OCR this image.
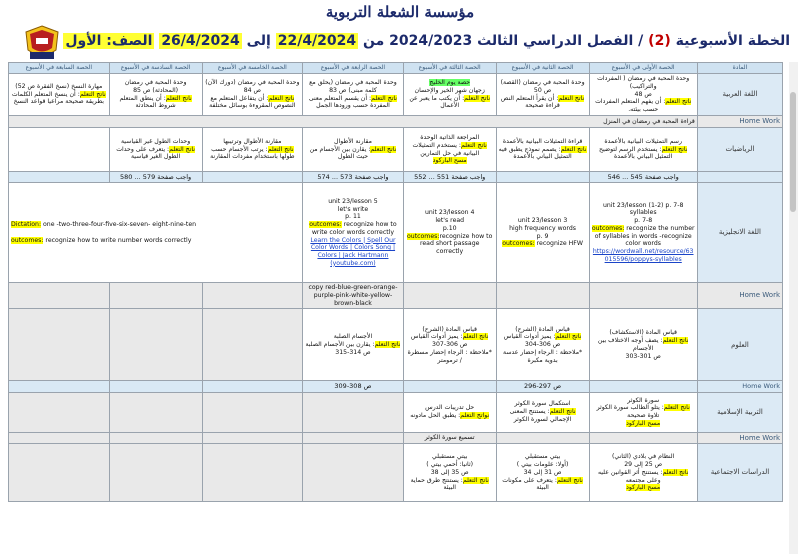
مؤسسة الشعلة التربوية
الخطة الأسبوعية (2) / الفصل الدراسي الثالث 2024/2023 من 22/4/2024 إلى 26/4/2024 الصف: الأول
المادة	الحصة الأولى في الأسبوع	الحصة الثانية في الأسبوع	الحصة الثالثة في الأسبوع	الحصة الرابعة في الأسبوع	الحصة الخامسة في الأسبوع	الحصة السادسة في الأسبوع	الحصة السابعة في الأسبوع
اللغة العربية	وحدة المحبة في رمضان ( المفردات والتراكيب)
ص 48
ناتج التعلم: أن يفهم المتعلم المفردات حسب بيئته.	وحدة المحبة في رمضان (القصة) ص 50
ناتج التعلم: أن يقرأ المتعلم النص قراءة صحيحة	حصة يوم الخليج
زجهان شهر الخير والإحسان
ناتج التعلم: أن يكتب ما يعبر عن الأعمال	وحدة المحبة في رمضان (يحلق مع كلمة مبنى) ص 83
ناتج التعلم: أن يقسم المتعلم معنى المفردة حسب ورودها الجمل	وحدة المحبة في رمضان (دورك الآن) ص 84
ناتج التعلم: أن يتفاعل المتعلم مع النصوص المقروءة بوسائل مختلفة	وحدة المحبة في رمضان (المحادثة) ص 85
ناتج التعلم: أن ينطق المتعلم شروط المحادثة	مهارة النسخ (نسخ الفقرة ص 52)
ناتج التعلم: أن ينسخ المتعلم الكلمات بطريقة صحيحة مراعيا قواعد النسخ
Home Work	قراءة المحبة في رمضان في المنزل						
الرياضيات	رسم التمثيلات البيانية بالأعمدة
ناتج التعلم: يستخدم الرسم لتوضيح التمثيل البياني بالأعمدة	قراءة التمثيلات البيانية بالأعمدة
ناتج التعلم: يصمم نموذج يطبق فيه التمثيل البياني بالأعمدة	المراجعة الذاتية الوحدة
ناتج التعلم: يستخدم التمثيلات البيانية في حل التمارين
مسح الباركود	مقارنة الأطوال
ناتج التعلم: يقارن بين الأجسام من حيث الطول	مقارنة الأطوال وترتيبها
ناتج التعلم: يرتب الأجسام حسب طولها باستخدام مفردات المقارنة	وحدات الطول غير القياسية
ناتج التعلم: يتعرف على وحدات الطول الغير قياسية	
	واجب صفحة 545 ... 546		واجب صفحة 551 ... 552	واجب صفحة 573 ... 574		واجب صفحة 579 ... 580	
اللغة الانجليزية	unit 23/lesson (1-2) p. 7-8
syllables
p. 7-8
outcomes: recognize the number of syllables in words -recognize color words
https://wordwall.net/resource/63015596/poppys-syllables	unit 23/lesson 3
high frequency words
p. 9
outcomes: recognize HFW	unit 23/lesson 4
let's read
p.10
outcomes:recognize how to read short passage correctly	unit 23/lesson 5
let's write
p. 11
outcomes: recognize how to write color words correctly
Learn the Colors | Spell Our Color Words | Colors Song | Colors | Jack Hartmann (youtube.com)	Dictation: one -two-three-four-five-six-seven- eight-nine-ten

outcomes: recognize how to write number words correctly		
Home Work				copy red-blue-green-orange- purple-pink-white-yellow-brown-black			
العلوم	قياس المادة (الاستكشاف)
ناتج التعلم: يصف أوجه الاختلاف بين الأجسام
ص 301-303	قياس المادة (الشرح)
ناتج التعلم: يميز أدوات القياس
ص 306-304
*ملاحظة : الرجاء إحضار عدسة بدوية مكبرة	قياس المادة (الشرح)
ناتج التعلم: يميز أدوات القياس
ص 306-307
*ملاحظة : الرجاء إحضار مسطرة / ترمومتر	الأجسام الصلبة
ناتج التعلم: يقارن بين الأجسام الصلبة
ص 314-315			
Home Work		ص 297-296		ص 308-309			
التربية الإسلامية	سورة الكوثر
ناتج التعلم: يتلو الطالب سورة الكوثر تلاوة صحيحة
مسح الباركود	استكمال سورة الكوثر
ناتج التعلم: يستنتج المعنى الإجمالي لسورة الكوثر	حل تدريبات الدرس
نواتج التعلم: يطبق الحل مادونه				
Home Work			تسميع سورة الكوثر				
الدراسات الاجتماعية	النظام في بلادي (الثاني)
ص 25 إلى 29
ناتج التعلم: يستنتج أثر القوانين عليه وعلى مجتمعه
مسح الباركود	بيتي مستقبلي
(أولا: علومات بيتي )
ص 31 إلى 34
ناتج التعلم: يتعرف على مكونات البيئة	بيتي مستقبلي
(ثانيا: أحمي بيتي )
ص 35 إلى 38
ناتج التعلم: يستنتج طرق حماية البيئة				
